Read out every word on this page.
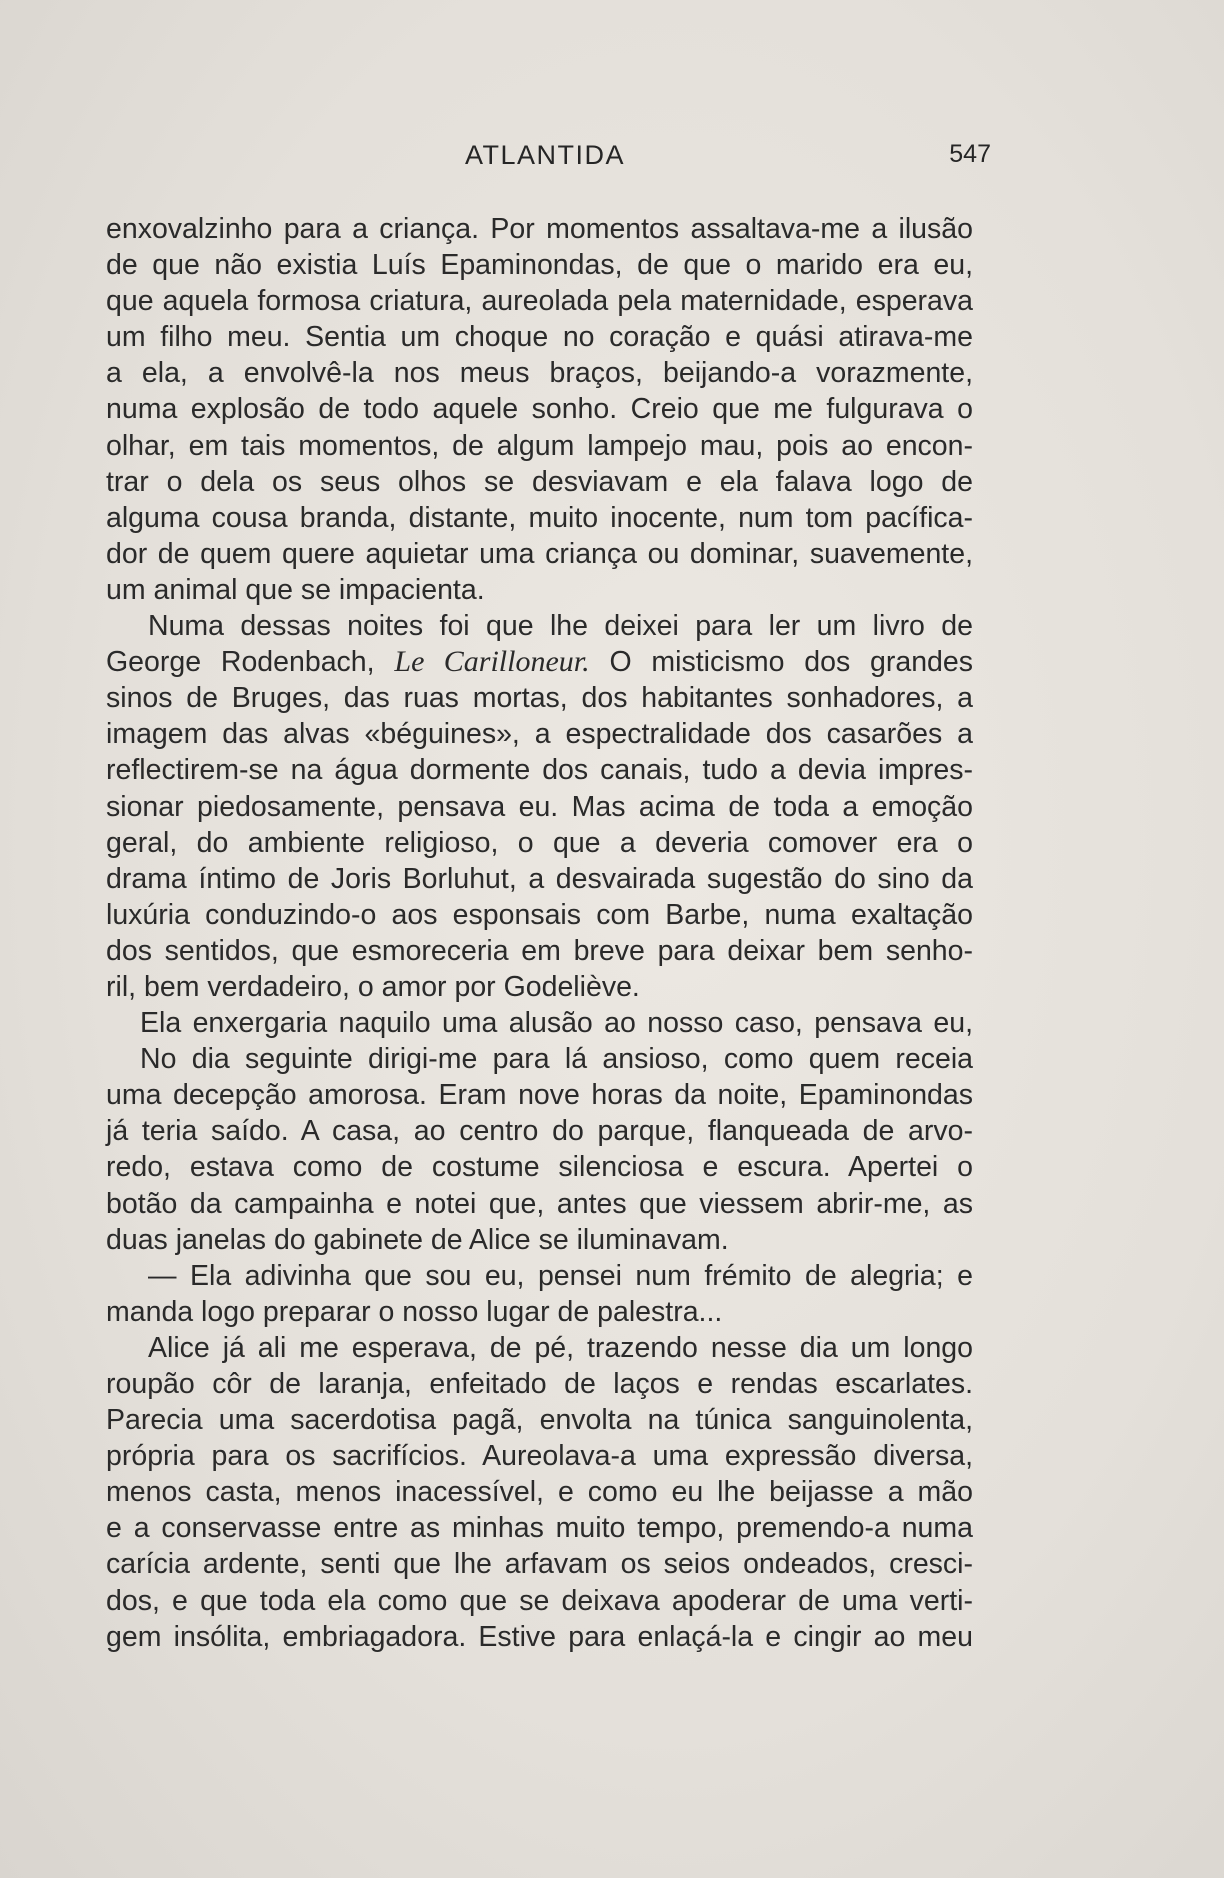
ATLANTIDA	547

enxovalzinho para a criança. Por momentos assaltava-me a ilusão
de que não existia Luís Epaminondas, de que o marido era eu,
que aquela formosa criatura, aureolada pela maternidade, esperava
um filho meu. Sentia um choque no coração e quási atirava-me
a ela, a envolvê-la nos meus braços, beijando-a vorazmente,
numa explosão de todo aquele sonho. Creio que me fulgurava o
olhar, em tais momentos, de algum lampejo mau, pois ao encon-
trar o dela os seus olhos se desviavam e ela falava logo de
alguma cousa branda, distante, muito inocente, num tom pacífica-
dor de quem quere aquietar uma criança ou dominar, suavemente,
um animal que se impacienta.

Numa dessas noites foi que lhe deixei para ler um livro de
George Rodenbach, Le Carilloneur. O misticismo dos grandes
sinos de Bruges, das ruas mortas, dos habitantes sonhadores, a
imagem das alvas «béguines», a espectralidade dos casarões a
reflectirem-se na água dormente dos canais, tudo a devia impres-
sionar piedosamente, pensava eu. Mas acima de toda a emoção
geral, do ambiente religioso, o que a deveria comover era o
drama íntimo de Joris Borluhut, a desvairada sugestão do sino da
luxúria conduzindo-o aos esponsais com Barbe, numa exaltação
dos sentidos, que esmoreceria em breve para deixar bem senho-
ril, bem verdadeiro, o amor por Godeliève.

Ela enxergaria naquilo uma alusão ao nosso caso, pensava eu,

No dia seguinte dirigi-me para lá ansioso, como quem receia
uma decepção amorosa. Eram nove horas da noite, Epaminondas
já teria saído. A casa, ao centro do parque, flanqueada de arvo-
redo, estava como de costume silenciosa e escura. Apertei o
botão da campainha e notei que, antes que viessem abrir-me, as
duas janelas do gabinete de Alice se iluminavam.

— Ela adivinha que sou eu, pensei num frémito de alegria; e
manda logo preparar o nosso lugar de palestra...

Alice já ali me esperava, de pé, trazendo nesse dia um longo
roupão côr de laranja, enfeitado de laços e rendas escarlates.
Parecia uma sacerdotisa pagã, envolta na túnica sanguinolenta,
própria para os sacrifícios. Aureolava-a uma expressão diversa,
menos casta, menos inacessível, e como eu lhe beijasse a mão
e a conservasse entre as minhas muito tempo, premendo-a numa
carícia ardente, senti que lhe arfavam os seios ondeados, cresci-
dos, e que toda ela como que se deixava apoderar de uma verti-
gem insólita, embriagadora. Estive para enlaçá-la e cingir ao meu
